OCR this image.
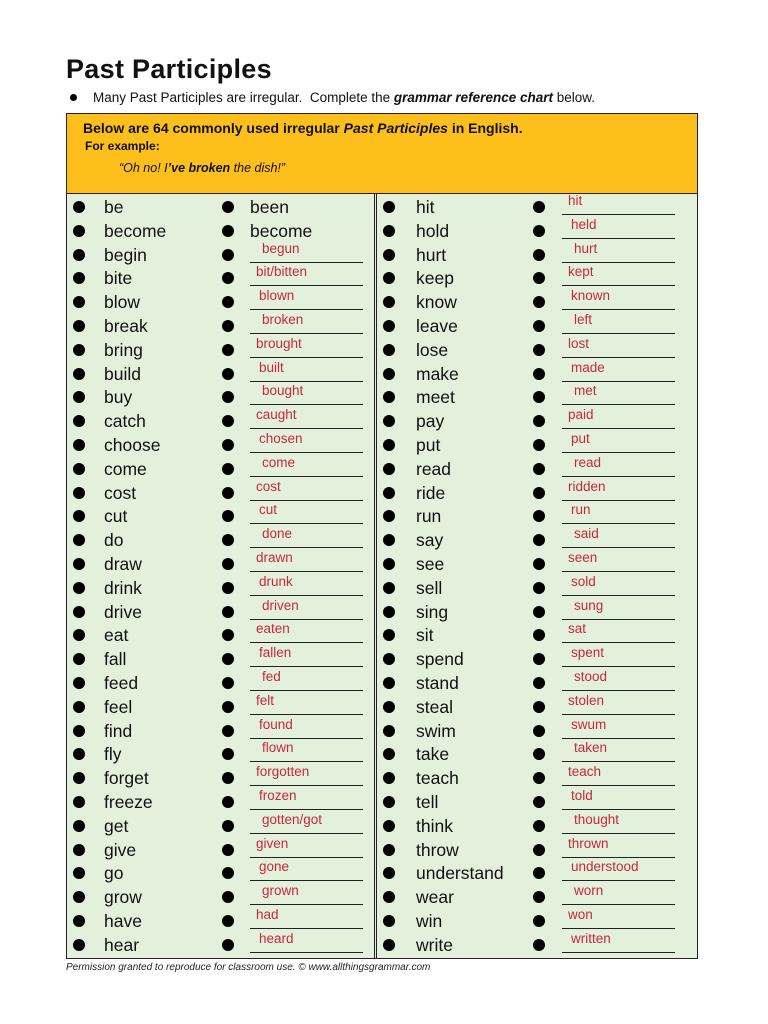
Past Participles
Many Past Participles are irregular.  Complete the grammar reference chart below.
Below are 64 commonly used irregular Past Participles in English.
For example:
“Oh no! I’ve broken the dish!”
be	been
become	become
begin	begun
bite	bit/bitten
blow	blown
break	broken
bring	brought
build	built
buy	bought
catch	caught
choose	chosen
come	come
cost	cost
cut	cut
do	done
draw	drawn
drink	drunk
drive	driven
eat	eaten
fall	fallen
feed	fed
feel	felt
find	found
fly	flown
forget	forgotten
freeze	frozen
get	gotten/got
give	given
go	gone
grow	grown
have	had
hear	heard
hit	hit
hold	held
hurt	hurt
keep	kept
know	known
leave	left
lose	lost
make	made
meet	met
pay	paid
put	put
read	read
ride	ridden
run	run
say	said
see	seen
sell	sold
sing	sung
sit	sat
spend	spent
stand	stood
steal	stolen
swim	swum
take	taken
teach	teach
tell	told
think	thought
throw	thrown
understand	understood
wear	worn
win	won
write	written
Permission granted to reproduce for classroom use. © www.allthingsgrammar.com
